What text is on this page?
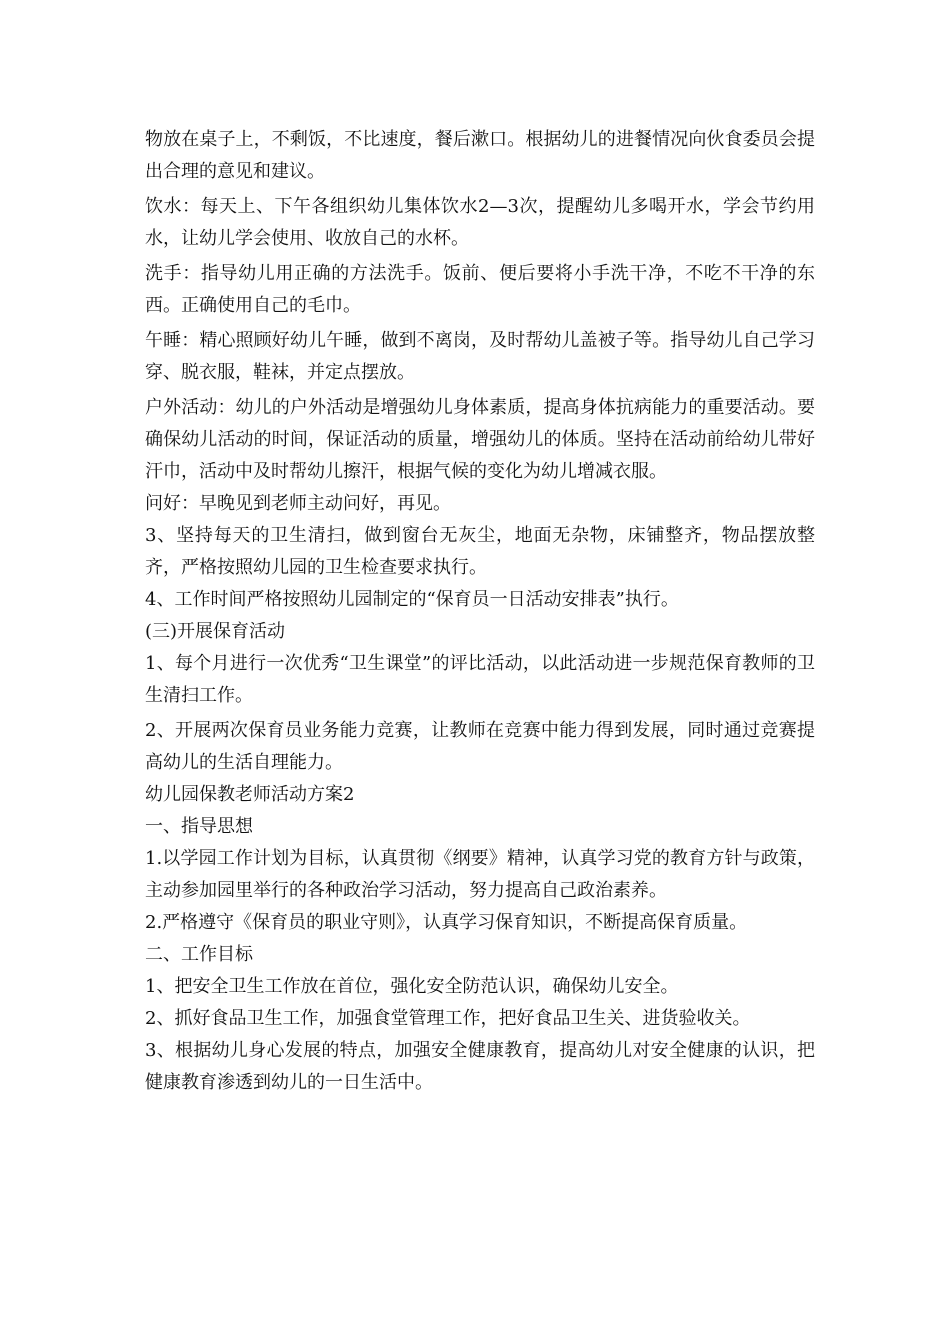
物放在桌子上，不剩饭，不比速度，餐后漱口。根据幼儿的进餐情况向伙食委员会提出合理的意见和建议。

饮水：每天上、下午各组织幼儿集体饮水2—3次，提醒幼儿多喝开水，学会节约用水，让幼儿学会使用、收放自己的水杯。

洗手：指导幼儿用正确的方法洗手。饭前、便后要将小手洗干净，不吃不干净的东西。正确使用自己的毛巾。

午睡：精心照顾好幼儿午睡，做到不离岗，及时帮幼儿盖被子等。指导幼儿自己学习穿、脱衣服，鞋袜，并定点摆放。

户外活动：幼儿的户外活动是增强幼儿身体素质，提高身体抗病能力的重要活动。要确保幼儿活动的时间，保证活动的质量，增强幼儿的体质。坚持在活动前给幼儿带好汗巾，活动中及时帮幼儿擦汗，根据气候的变化为幼儿增减衣服。

问好：早晚见到老师主动问好，再见。

3、坚持每天的卫生清扫，做到窗台无灰尘，地面无杂物，床铺整齐，物品摆放整齐，严格按照幼儿园的卫生检查要求执行。

4、工作时间严格按照幼儿园制定的“保育员一日活动安排表”执行。

(三)开展保育活动

1、每个月进行一次优秀“卫生课堂”的评比活动，以此活动进一步规范保育教师的卫生清扫工作。

2、开展两次保育员业务能力竞赛，让教师在竞赛中能力得到发展，同时通过竞赛提高幼儿的生活自理能力。

幼儿园保教老师活动方案2

一、指导思想

1.以学园工作计划为目标，认真贯彻《纲要》精神，认真学习党的教育方针与政策，主动参加园里举行的各种政治学习活动，努力提高自己政治素养。

2.严格遵守《保育员的职业守则》，认真学习保育知识，不断提高保育质量。

二、工作目标

1、把安全卫生工作放在首位，强化安全防范认识，确保幼儿安全。

2、抓好食品卫生工作，加强食堂管理工作，把好食品卫生关、进货验收关。

3、根据幼儿身心发展的特点，加强安全健康教育，提高幼儿对安全健康的认识，把健康教育渗透到幼儿的一日生活中。
